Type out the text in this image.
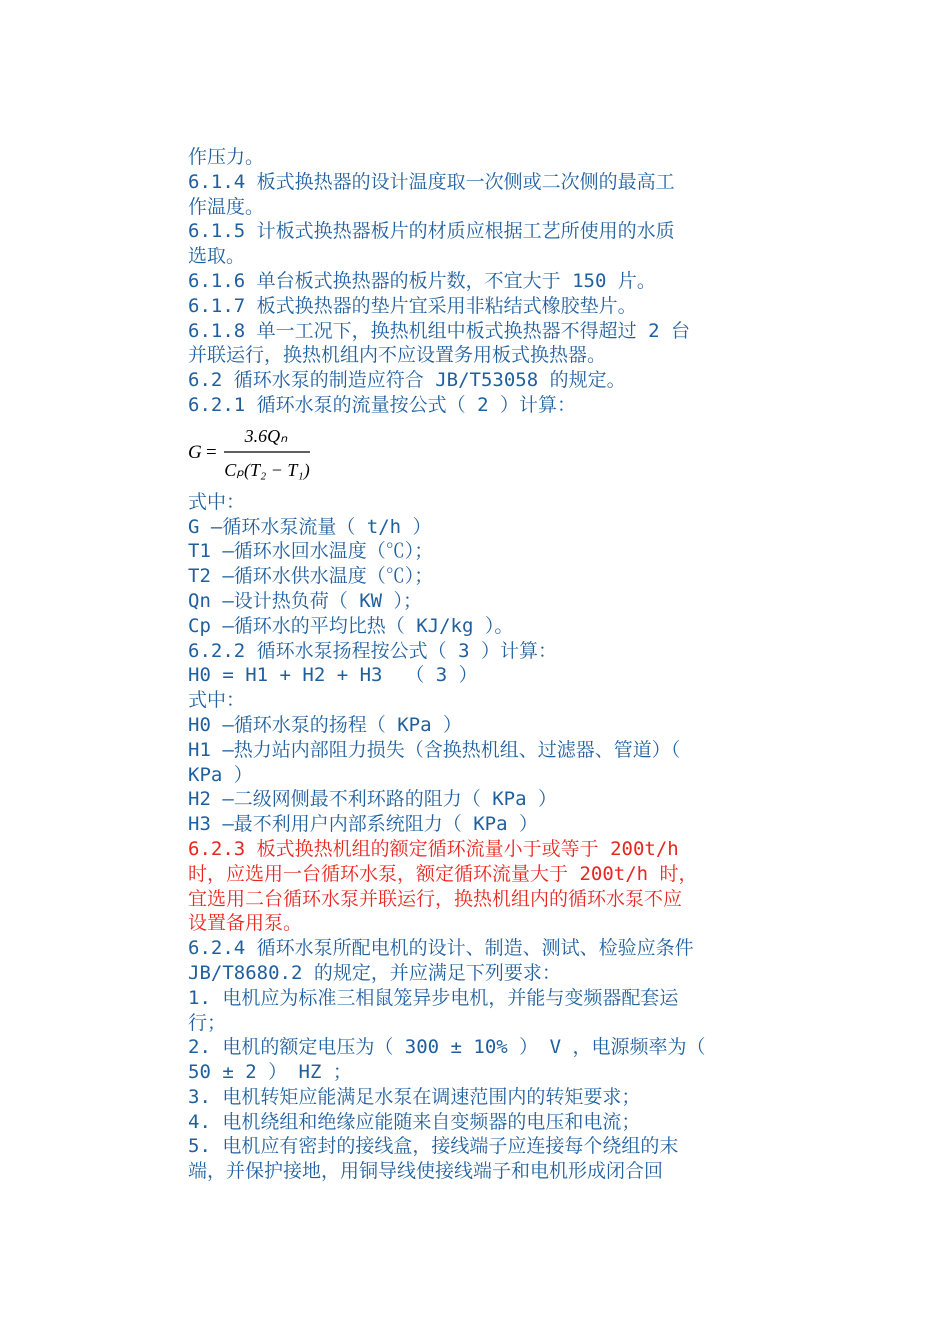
作压力。
6.1.4 板式换热器的设计温度取一次侧或二次侧的最高工
作温度。
6.1.5 计板式换热器板片的材质应根据工艺所使用的水质
选取。
6.1.6 单台板式换热器的板片数，不宜大于 150 片。
6.1.7 板式换热器的垫片宜采用非粘结式橡胶垫片。
6.1.8 单一工况下，换热机组中板式换热器不得超过 2 台
并联运行，换热机组内不应设置务用板式换热器。
6.2 循环水泵的制造应符合 JB/T53058 的规定。
6.2.1 循环水泵的流量按公式（ 2 ）计算：
G =
3.6Qₙ
Cₚ(T₂ − T₁)
式中：
G —循环水泵流量（ t/h ）
T1 —循环水回水温度（℃）；
T2 —循环水供水温度（℃）；
Qn —设计热负荷（ KW ）；
Cp —循环水的平均比热（ KJ/kg ）。
6.2.2 循环水泵扬程按公式（ 3 ）计算：
H0 = H1 + H2 + H3  （ 3 ）
式中：
H0 —循环水泵的扬程（ KPa ）
H1 —热力站内部阻力损失（含换热机组、过滤器、管道）（
KPa ）
H2 —二级网侧最不利环路的阻力（ KPa ）
H3 —最不利用户内部系统阻力（ KPa ）
6.2.3 板式换热机组的额定循环流量小于或等于 200t/h
时，应选用一台循环水泵，额定循环流量大于 200t/h 时，
宜选用二台循环水泵并联运行，换热机组内的循环水泵不应
设置备用泵。
6.2.4 循环水泵所配电机的设计、制造、测试、检验应条件
JB/T8680.2 的规定，并应满足下列要求：
1. 电机应为标准三相鼠笼异步电机，并能与变频器配套运
行；
2. 电机的额定电压为（ 300 ± 10% ） V ，电源频率为（
50 ± 2 ） HZ ；
3. 电机转矩应能满足水泵在调速范围内的转矩要求；
4. 电机绕组和绝缘应能随来自变频器的电压和电流；
5. 电机应有密封的接线盒，接线端子应连接每个绕组的末
端，并保护接地，用铜导线使接线端子和电机形成闭合回
